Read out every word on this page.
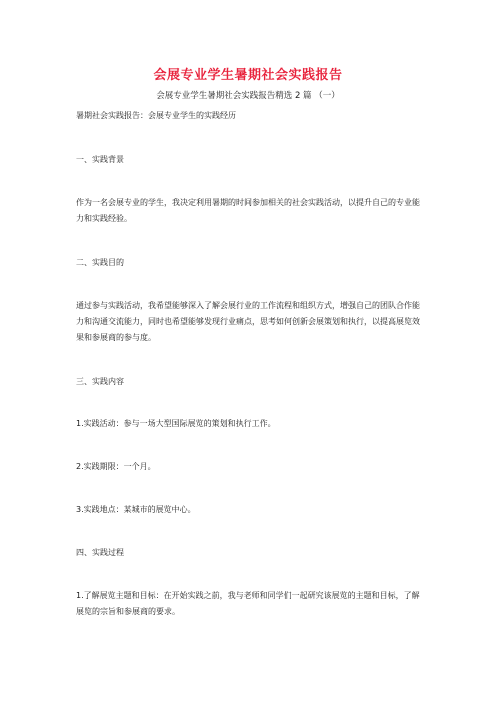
会展专业学生暑期社会实践报告
会展专业学生暑期社会实践报告精选 2 篇 （一）
暑期社会实践报告：会展专业学生的实践经历
一、实践背景
作为一名会展专业的学生，我决定利用暑期的时间参加相关的社会实践活动，以提升自己的专业能力和实践经验。
二、实践目的
通过参与实践活动，我希望能够深入了解会展行业的工作流程和组织方式，增强自己的团队合作能力和沟通交流能力，同时也希望能够发现行业痛点，思考如何创新会展策划和执行，以提高展览效果和参展商的参与度。
三、实践内容
1.实践活动：参与一场大型国际展览的策划和执行工作。
2.实践期限：一个月。
3.实践地点：某城市的展览中心。
四、实践过程
1.了解展览主题和目标：在开始实践之前，我与老师和同学们一起研究该展览的主题和目标，了解展览的宗旨和参展商的要求。
